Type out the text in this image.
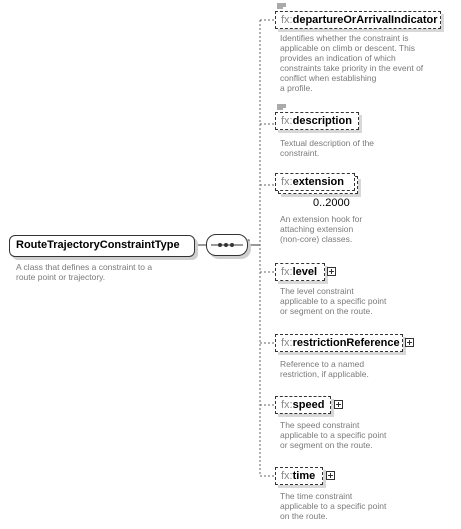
RouteTrajectoryConstraintType
A class that defines a constraint to a
route point or trajectory.
fx:departureOrArrivalIndicator
Identifies whether the constraint is
applicable on climb or descent. This
provides an indication of which
constraints take priority in the event of
conflict when establishing
a profile.
fx:description
Textual description of the
constraint.
fx:extension
0..2000
An extension hook for
attaching extension
(non-core) classes.
fx:level
The level constraint
applicable to a specific point
or segment on the route.
fx:restrictionReference
Reference to a named
restriction, if applicable.
fx:speed
The speed constraint
applicable to a specific point
or segment on the route.
fx:time
The time constraint
applicable to a specific point
on the route.
